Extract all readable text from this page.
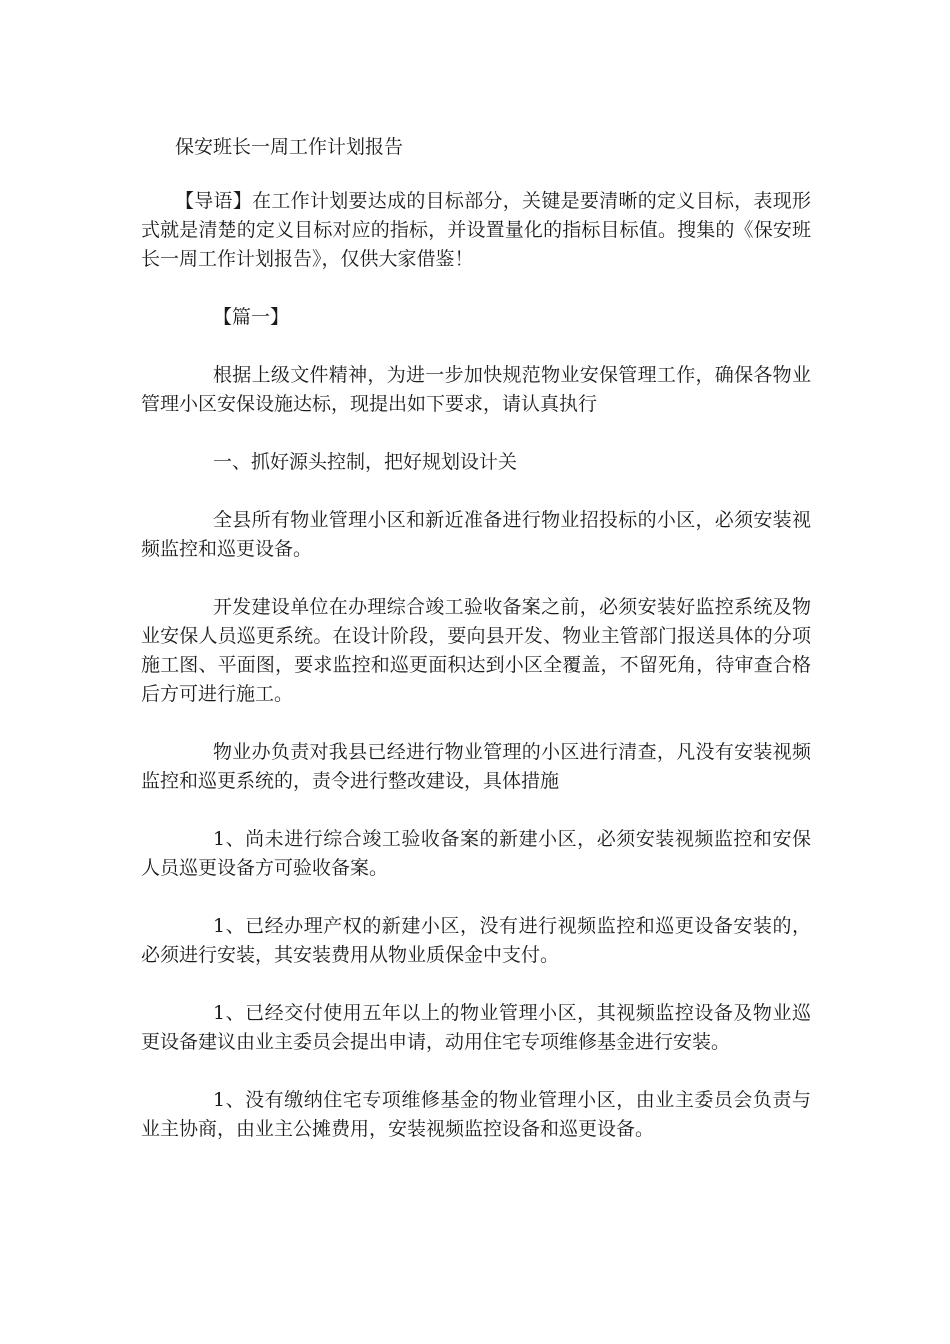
保安班长一周工作计划报告

【导语】在工作计划要达成的目标部分，关键是要清晰的定义目标，表现形式就是清楚的定义目标对应的指标，并设置量化的指标目标值。搜集的《保安班长一周工作计划报告》，仅供大家借鉴！

【篇一】

根据上级文件精神，为进一步加快规范物业安保管理工作，确保各物业管理小区安保设施达标，现提出如下要求，请认真执行

一、抓好源头控制，把好规划设计关

全县所有物业管理小区和新近准备进行物业招投标的小区，必须安装视频监控和巡更设备。

开发建设单位在办理综合竣工验收备案之前，必须安装好监控系统及物业安保人员巡更系统。在设计阶段，要向县开发、物业主管部门报送具体的分项施工图、平面图，要求监控和巡更面积达到小区全覆盖，不留死角，待审查合格后方可进行施工。

物业办负责对我县已经进行物业管理的小区进行清查，凡没有安装视频监控和巡更系统的，责令进行整改建设，具体措施

1、尚未进行综合竣工验收备案的新建小区，必须安装视频监控和安保人员巡更设备方可验收备案。

1、已经办理产权的新建小区，没有进行视频监控和巡更设备安装的，必须进行安装，其安装费用从物业质保金中支付。

1、已经交付使用五年以上的物业管理小区，其视频监控设备及物业巡更设备建议由业主委员会提出申请，动用住宅专项维修基金进行安装。

1、没有缴纳住宅专项维修基金的物业管理小区，由业主委员会负责与业主协商，由业主公摊费用，安装视频监控设备和巡更设备。
